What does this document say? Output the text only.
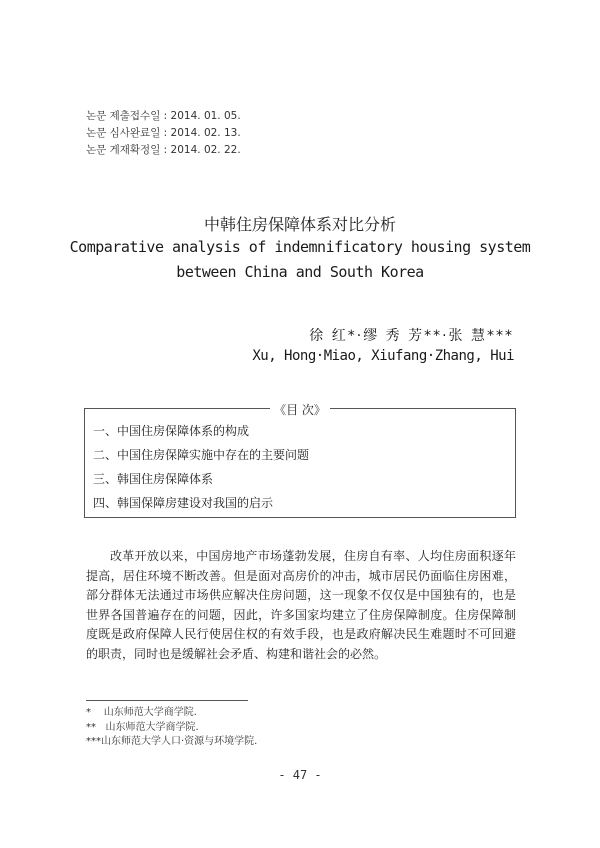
논문 제출접수일 : 2014. 01. 05.
논문 심사완료일 : 2014. 02. 13.
논문 게재확정일 : 2014. 02. 22.
中韩住房保障体系对比分析
Comparative analysis of indemnificatory housing system
between China and South Korea
徐 红*·缪 秀 芳**·张 慧***
Xu, Hong·Miao, Xiufang·Zhang, Hui
《目 次》
一、中国住房保障体系的构成
二、中国住房保障实施中存在的主要问题
三、韩国住房保障体系
四、韩国保障房建设对我国的启示
改革开放以来，中国房地产市场蓬勃发展，住房自有率、人均住房面积逐年提高，居住环境不断改善。但是面对高房价的冲击，城市居民仍面临住房困难，部分群体无法通过市场供应解决住房问题，这一现象不仅仅是中国独有的，也是世界各国普遍存在的问题，因此，许多国家均建立了住房保障制度。住房保障制度既是政府保障人民行使居住权的有效手段，也是政府解决民生难题时不可回避的职责，同时也是缓解社会矛盾、构建和谐社会的必然。
*    山东师范大学商学院.
**   山东师范大学商学院.
***山东师范大学人口·资源与环境学院.
- 47 -
